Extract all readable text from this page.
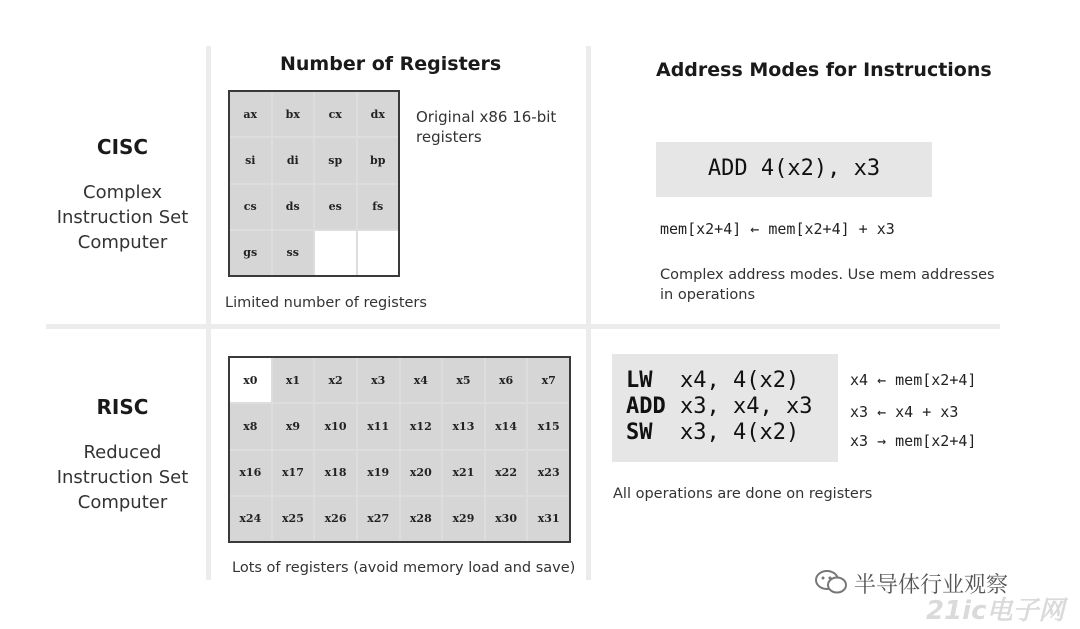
Number of Registers	Address Modes for Instructions
CISC
Complex
Instruction Set
Computer
RISC
Reduced
Instruction Set
Computer
ax	bx	cx	dx
si	di	sp	bp
cs	ds	es	fs
gs	ss
Original x86 16-bit registers
Limited number of registers
x0	x1	x2	x3	x4	x5	x6	x7
x8	x9	x10	x11	x12	x13	x14	x15
x16	x17	x18	x19	x20	x21	x22	x23
x24	x25	x26	x27	x28	x29	x30	x31
Lots of registers (avoid memory load and save)
ADD 4(x2), x3
mem[x2+4] ← mem[x2+4] + x3
Complex address modes. Use mem addresses in operations
LW x4, 4(x2)
ADD x3, x4, x3
SW x3, 4(x2)
x4 ← mem[x2+4]
x3 ← x4 + x3
x3 → mem[x2+4]
All operations are done on registers
半导体行业观察
21ic电子网
